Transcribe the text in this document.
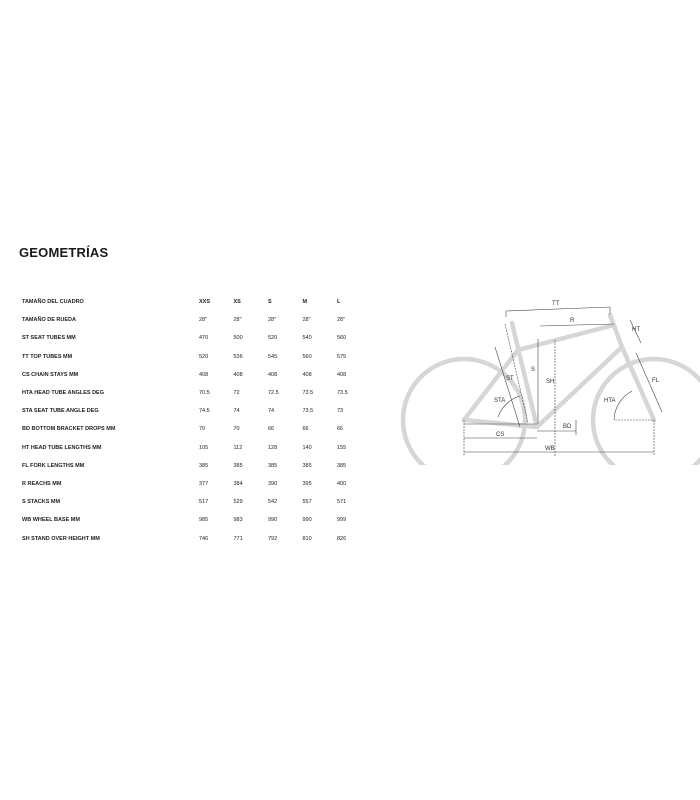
GEOMETRÍAS
TAMAÑO DEL CUADRO	XXS	XS	S	M	L
TAMAÑO DE RUEDA	28"	28"	28"	28"	28"
ST SEAT TUBES MM	470	500	520	540	560
TT TOP TUBES MM	520	536	545	560	575
CS CHAIN STAYS MM	408	408	408	408	408
HTA HEAD TUBE ANGLES DEG	70.5	72	72.5	73.5	73.5
STA SEAT TUBE ANGLE DEG	74.5	74	74	73.5	73
BD BOTTOM BRACKET DROPS MM	70	70	66	66	66
HT HEAD TUBE LENGTHS MM	105	112	128	140	155
FL FORK LENGTHS MM	385	385	385	385	385
R REACHS MM	377	384	390	395	400
S STACKS MM	517	529	542	557	571
WB WHEEL BASE MM	985	983	990	990	999
SH STAND OVER HEIGHT MM	746	771	792	810	826
TT
R
HT
ST
S
SH	FL
STA	HTA
BD
CS
WB
